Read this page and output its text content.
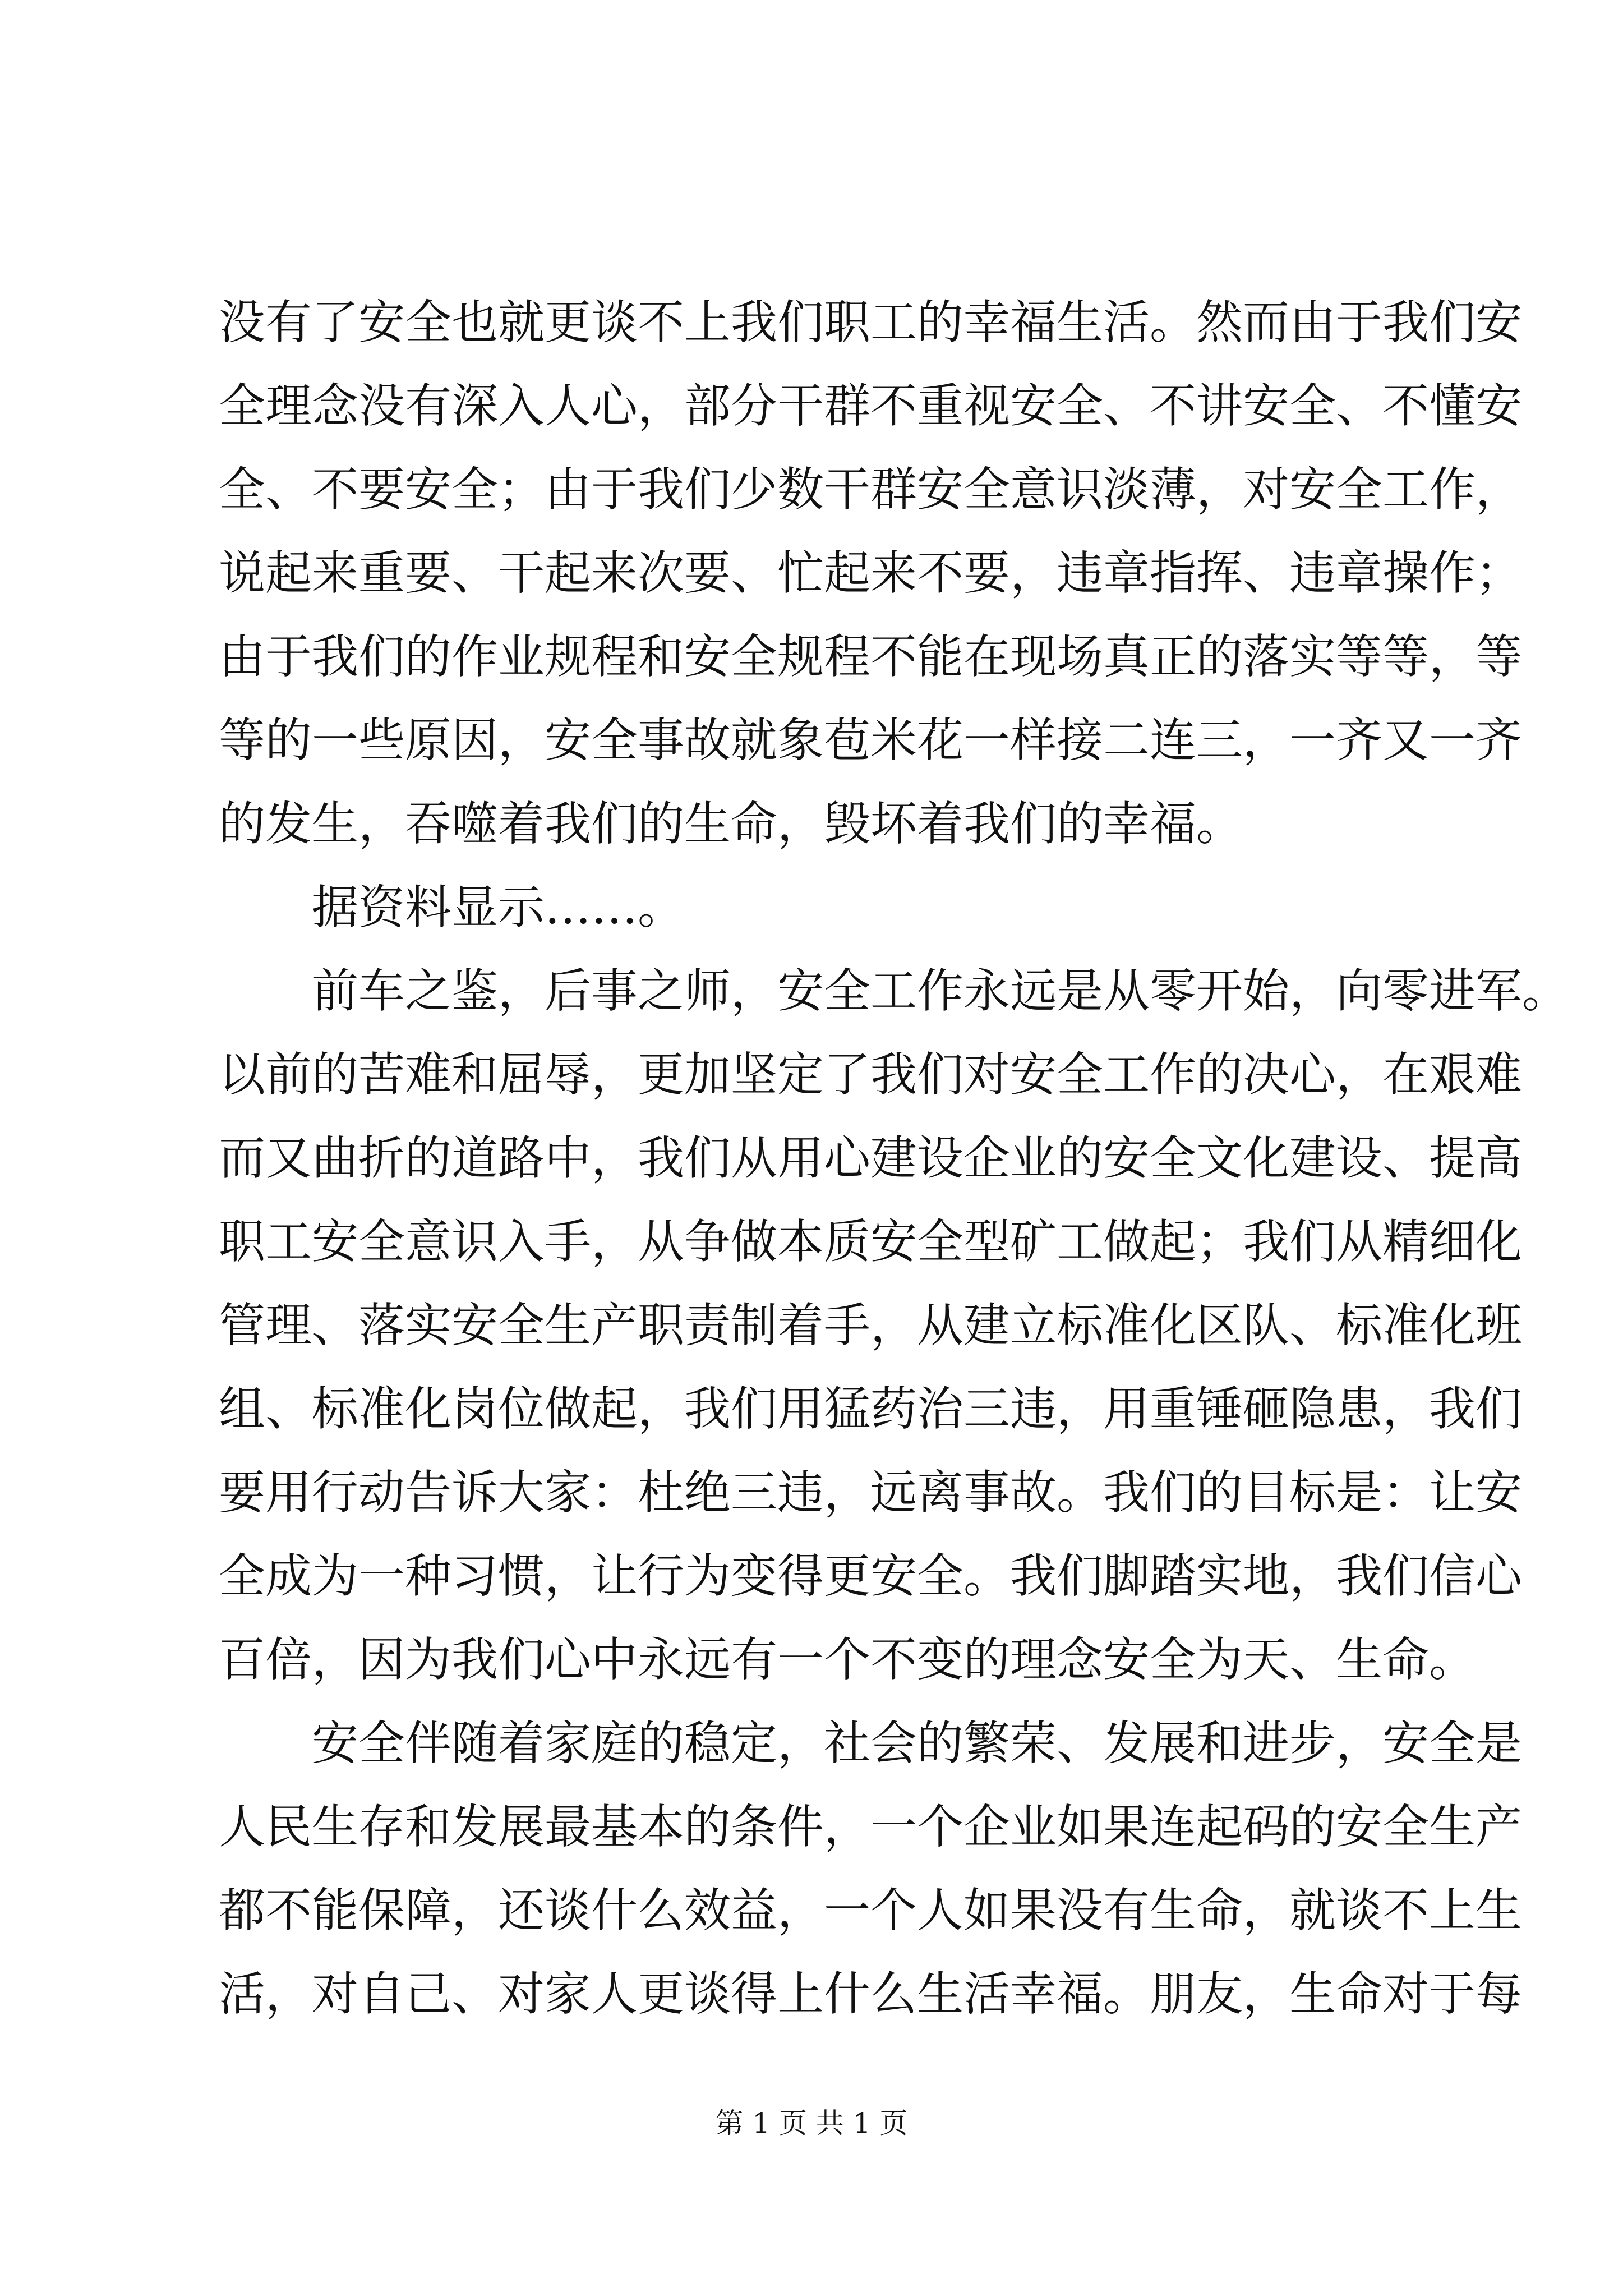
没有了安全也就更谈不上我们职工的幸福生活。然而由于我们安
全理念没有深入人心，部分干群不重视安全、不讲安全、不懂安
全、不要安全；由于我们少数干群安全意识淡薄，对安全工作，
说起来重要、干起来次要、忙起来不要，违章指挥、违章操作；
由于我们的作业规程和安全规程不能在现场真正的落实等等，等
等的一些原因，安全事故就象苞米花一样接二连三，一齐又一齐
的发生，吞噬着我们的生命，毁坏着我们的幸福。
据资料显示……。
前车之鉴，后事之师，安全工作永远是从零开始，向零进军。
以前的苦难和屈辱，更加坚定了我们对安全工作的决心，在艰难
而又曲折的道路中，我们从用心建设企业的安全文化建设、提高
职工安全意识入手，从争做本质安全型矿工做起；我们从精细化
管理、落实安全生产职责制着手，从建立标准化区队、标准化班
组、标准化岗位做起，我们用猛药治三违，用重锤砸隐患，我们
要用行动告诉大家：杜绝三违，远离事故。我们的目标是：让安
全成为一种习惯，让行为变得更安全。我们脚踏实地，我们信心
百倍，因为我们心中永远有一个不变的理念安全为天、生命。
安全伴随着家庭的稳定，社会的繁荣、发展和进步，安全是
人民生存和发展最基本的条件，一个企业如果连起码的安全生产
都不能保障，还谈什么效益，一个人如果没有生命，就谈不上生
活，对自己、对家人更谈得上什么生活幸福。朋友，生命对于每
第 1 页 共 1 页
